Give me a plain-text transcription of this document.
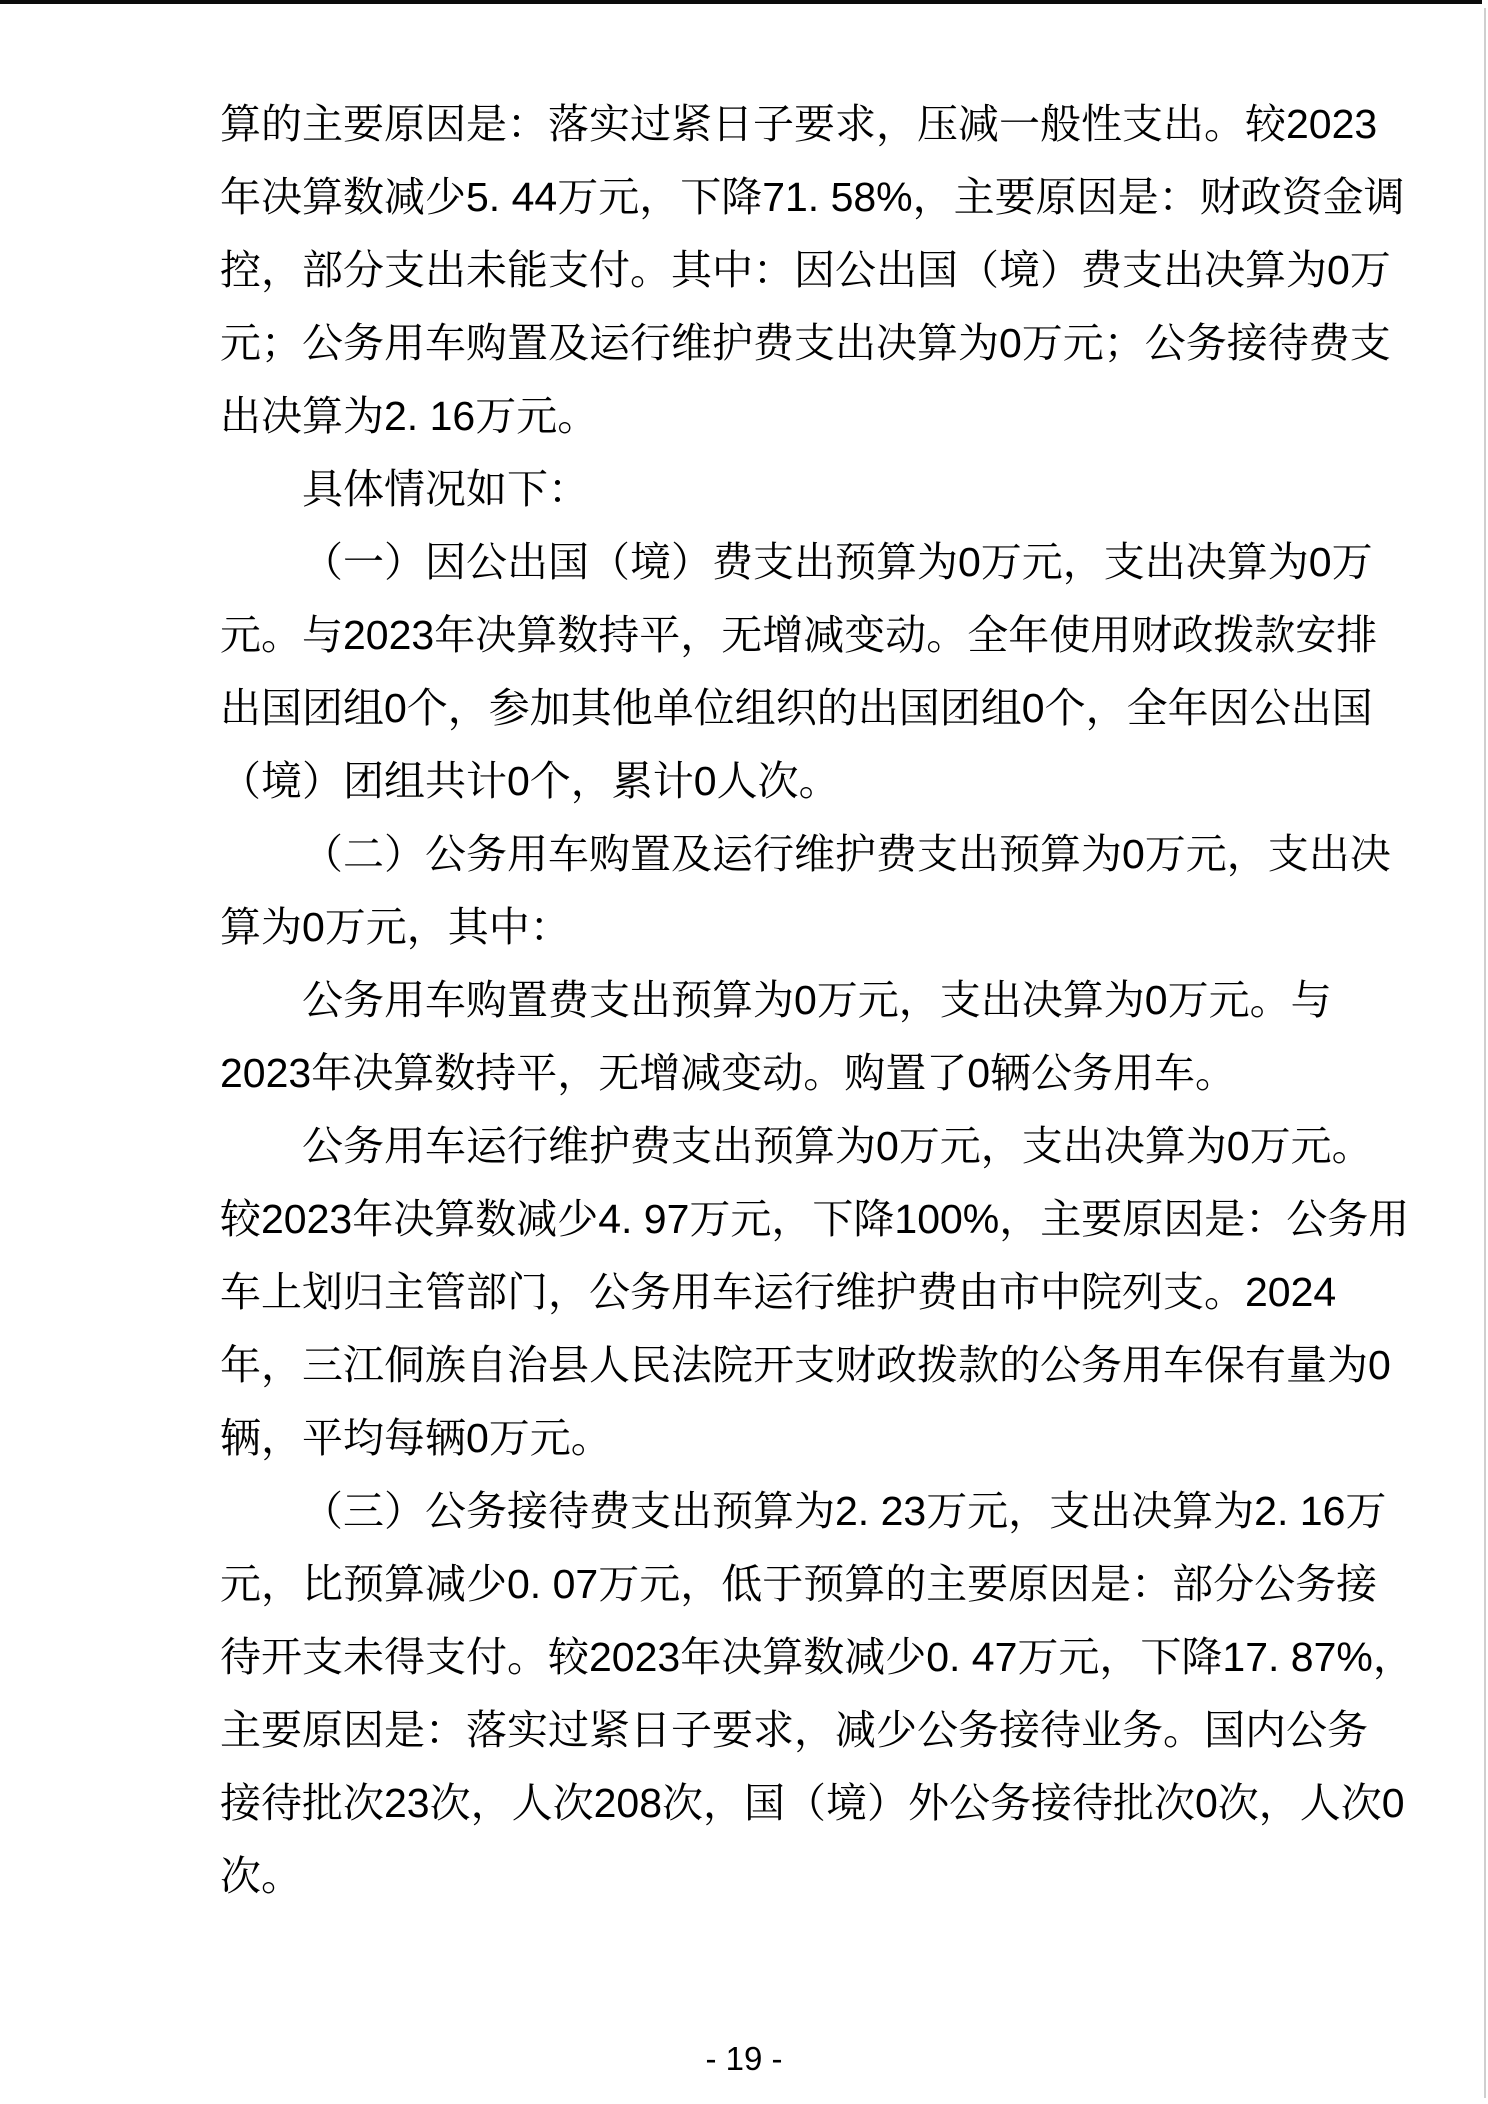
算的主要原因是：落实过紧日子要求，压减一般性支出。较2023
年决算数减少5. 44万元，下降71. 58%，主要原因是：财政资金调
控，部分支出未能支付。其中：因公出国（境）费支出决算为0万
元；公务用车购置及运行维护费支出决算为0万元；公务接待费支
出决算为2. 16万元。
具体情况如下：
（一）因公出国（境）费支出预算为0万元，支出决算为0万
元。与2023年决算数持平，无增减变动。全年使用财政拨款安排
出国团组0个，参加其他单位组织的出国团组0个，全年因公出国
（境）团组共计0个，累计0人次。
（二）公务用车购置及运行维护费支出预算为0万元，支出决
算为0万元，其中：
公务用车购置费支出预算为0万元，支出决算为0万元。与
2023年决算数持平，无增减变动。购置了0辆公务用车。
公务用车运行维护费支出预算为0万元，支出决算为0万元。
较2023年决算数减少4. 97万元，下降100%，主要原因是：公务用
车上划归主管部门，公务用车运行维护费由市中院列支。2024
年，三江侗族自治县人民法院开支财政拨款的公务用车保有量为0
辆，平均每辆0万元。
（三）公务接待费支出预算为2. 23万元，支出决算为2. 16万
元，比预算减少0. 07万元，低于预算的主要原因是：部分公务接
待开支未得支付。较2023年决算数减少0. 47万元，下降17. 87%，
主要原因是：落实过紧日子要求，减少公务接待业务。国内公务
接待批次23次，人次208次，国（境）外公务接待批次0次，人次0
次。
- 19 -
